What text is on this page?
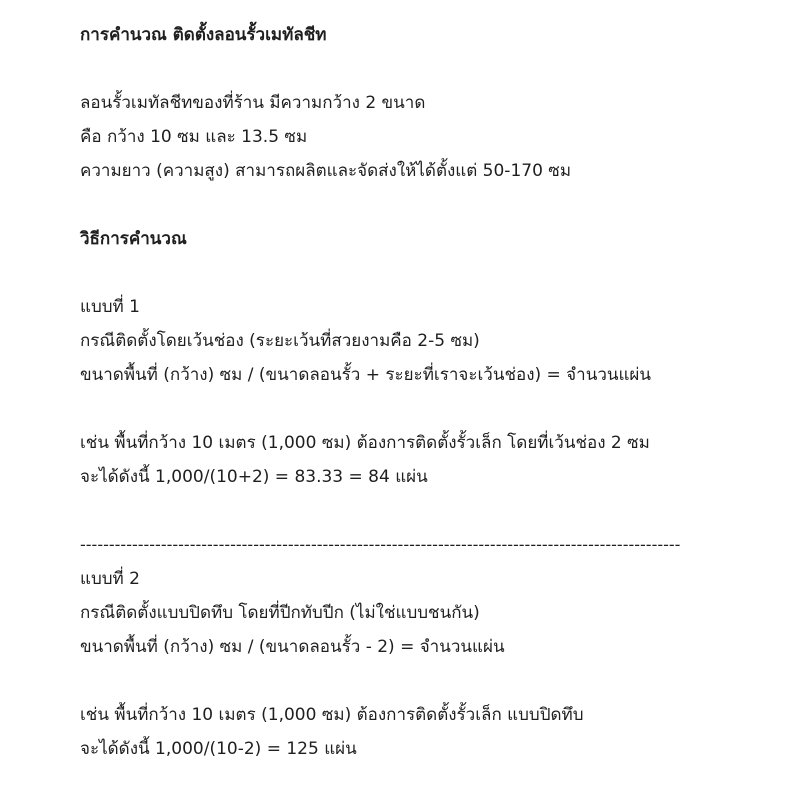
การคำนวณ ติดตั้งลอนรั้วเมทัลชีท
ลอนรั้วเมทัลชีทของที่ร้าน มีความกว้าง 2 ขนาด
คือ กว้าง 10 ซม และ 13.5 ซม
ความยาว (ความสูง) สามารถผลิตและจัดส่งให้ได้ตั้งแต่ 50-170 ซม
วิธีการคำนวณ
แบบที่ 1
กรณีติดตั้งโดยเว้นช่อง (ระยะเว้นที่สวยงามคือ 2-5 ซม)
ขนาดพื้นที่ (กว้าง) ซม / (ขนาดลอนรั้ว + ระยะที่เราจะเว้นช่อง) = จำนวนแผ่น
เช่น พื้นที่กว้าง 10 เมตร (1,000 ซม) ต้องการติดตั้งรั้วเล็ก โดยที่เว้นช่อง 2 ซม
จะได้ดังนี้ 1,000/(10+2) = 83.33 = 84 แผ่น
--------------------------------------------------------------------------------------------------------
แบบที่ 2
กรณีติดตั้งแบบปิดทึบ โดยที่ปีกทับปีก (ไม่ใช่แบบชนกัน)
ขนาดพื้นที่ (กว้าง) ซม / (ขนาดลอนรั้ว - 2) = จำนวนแผ่น
เช่น พื้นที่กว้าง 10 เมตร (1,000 ซม) ต้องการติดตั้งรั้วเล็ก แบบปิดทึบ
จะได้ดังนี้ 1,000/(10-2) = 125 แผ่น
